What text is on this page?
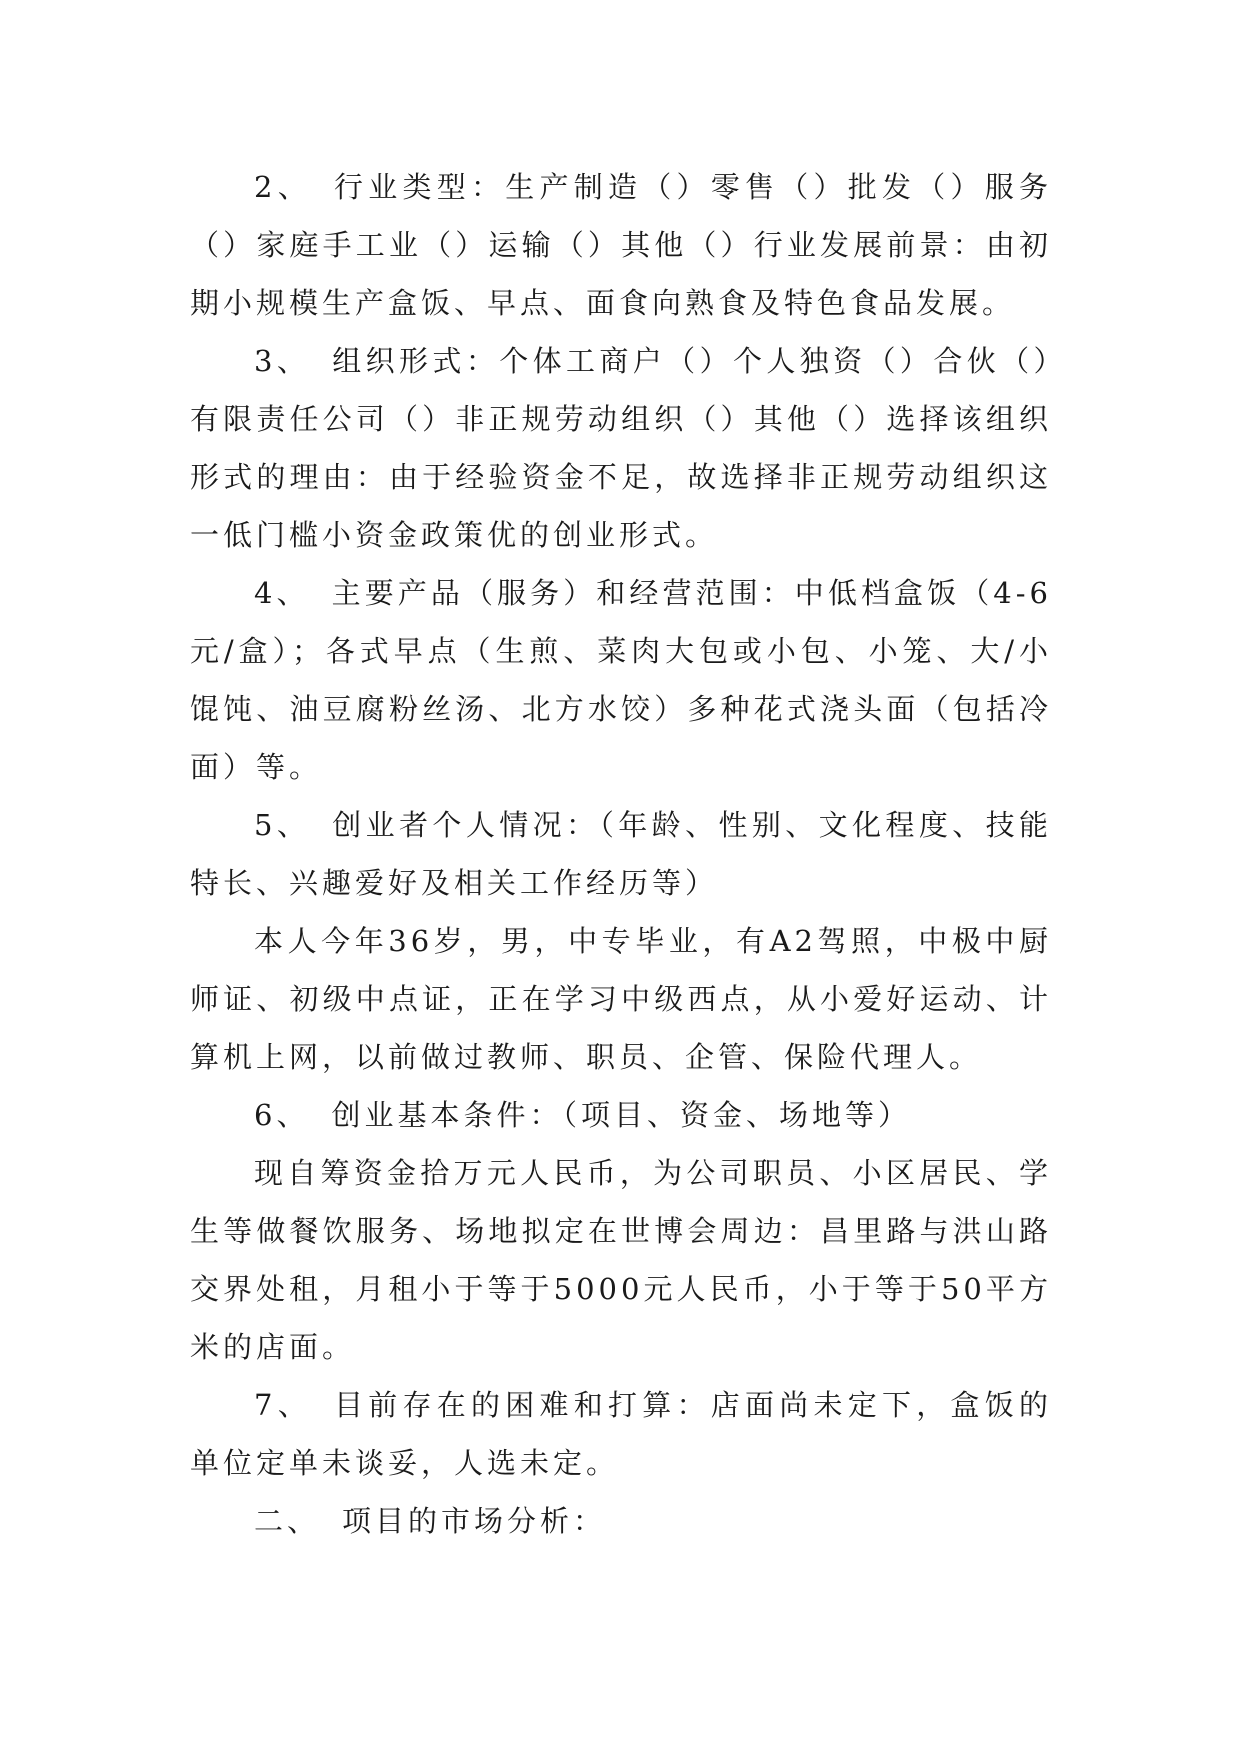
2、 行业类型：生产制造（）零售（）批发（）服务（）家庭手工业（）运输（）其他（）行业发展前景：由初期小规模生产盒饭、早点、面食向熟食及特色食品发展。

3、 组织形式：个体工商户（）个人独资（）合伙（）有限责任公司（）非正规劳动组织（）其他（）选择该组织形式的理由：由于经验资金不足，故选择非正规劳动组织这一低门槛小资金政策优的创业形式。

4、 主要产品（服务）和经营范围：中低档盒饭（4-6元/盒）；各式早点（生煎、菜肉大包或小包、小笼、大/小馄饨、油豆腐粉丝汤、北方水饺）多种花式浇头面（包括冷面）等。

5、 创业者个人情况：（年龄、性别、文化程度、技能特长、兴趣爱好及相关工作经历等）

本人今年36岁，男，中专毕业，有A2驾照，中极中厨师证、初级中点证，正在学习中级西点，从小爱好运动、计算机上网，以前做过教师、职员、企管、保险代理人。

6、 创业基本条件：（项目、资金、场地等）

现自筹资金拾万元人民币，为公司职员、小区居民、学生等做餐饮服务、场地拟定在世博会周边：昌里路与洪山路交界处租，月租小于等于5000元人民币，小于等于50平方米的店面。

7、 目前存在的困难和打算：店面尚未定下，盒饭的单位定单未谈妥，人选未定。

二、 项目的市场分析：
